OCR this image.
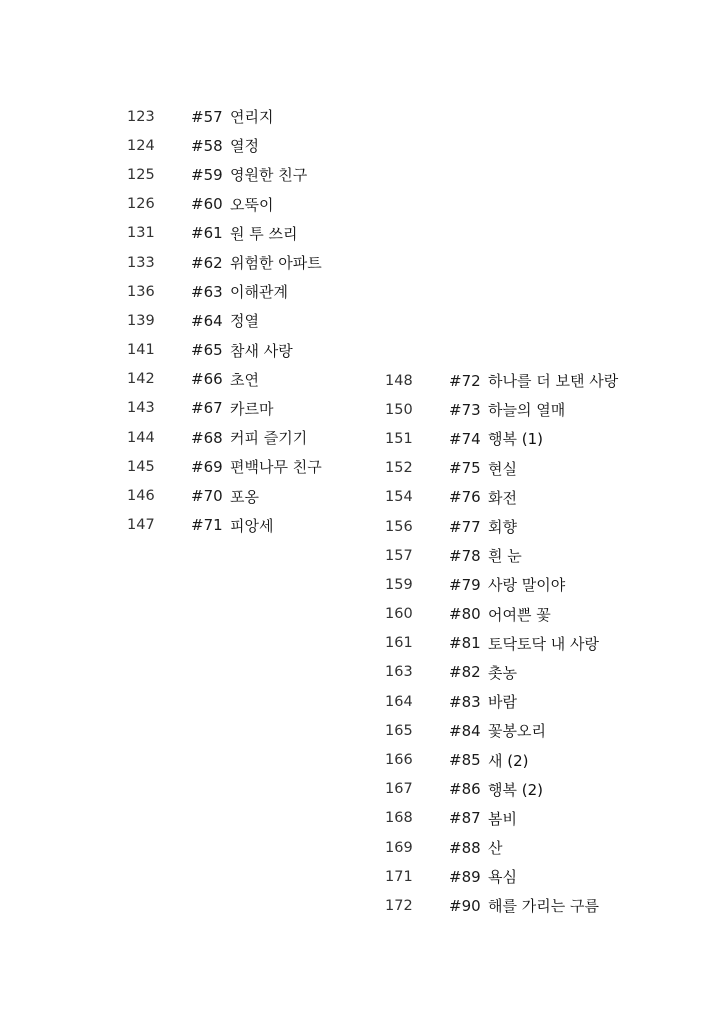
123	#57 연리지
124	#58 열정
125	#59 영원한 친구
126	#60 오뚝이
131	#61 원 투 쓰리
133	#62 위험한 아파트
136	#63 이해관계
139	#64 정열
141	#65 참새 사랑
142	#66 초연
143	#67 카르마
144	#68 커피 즐기기
145	#69 편백나무 친구
146	#70 포옹
147	#71 피앙세
148	#72 하나를 더 보탠 사랑
150	#73 하늘의 열매
151	#74 행복 (1)
152	#75 현실
154	#76 화전
156	#77 회향
157	#78 흰 눈
159	#79 사랑 말이야
160	#80 어여쁜 꽃
161	#81 토닥토닥 내 사랑
163	#82 촛농
164	#83 바람
165	#84 꽃봉오리
166	#85 새 (2)
167	#86 행복 (2)
168	#87 봄비
169	#88 산
171	#89 욕심
172	#90 해를 가리는 구름
